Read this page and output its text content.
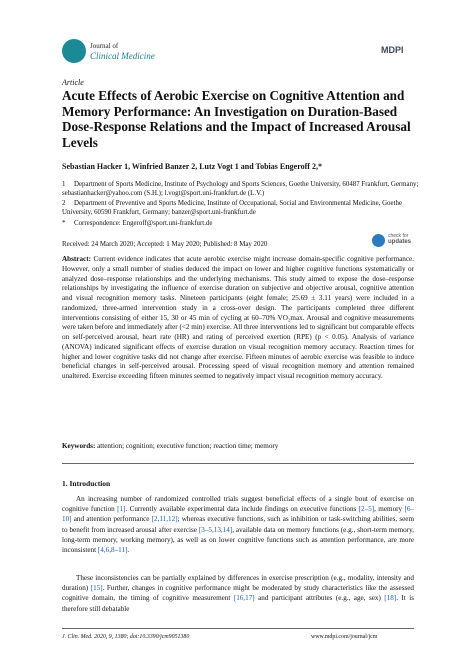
Journal of
Clinical Medicine
MDPI
Article
Acute Effects of Aerobic Exercise on Cognitive Attention and Memory Performance: An Investigation on Duration-Based Dose-Response Relations and the Impact of Increased Arousal Levels
Sebastian Hacker 1, Winfried Banzer 2, Lutz Vogt 1 and Tobias Engeroff 2,*
1 Department of Sports Medicine, Institute of Psychology and Sports Sciences, Goethe University, 60487 Frankfurt, Germany; sebastianhacker@yahoo.com (S.H.); l.vogt@sport.uni-frankfurt.de (L.V.)
2 Department of Preventive and Sports Medicine, Institute of Occupational, Social and Environmental Medicine, Goethe University, 60590 Frankfurt, Germany; banzer@sport.uni-frankfurt.de
* Correspondence: Engeroff@sport.uni-frankfurt.de
Received: 24 March 2020; Accepted: 1 May 2020; Published: 8 May 2020
check for
updates
Abstract: Current evidence indicates that acute aerobic exercise might increase domain-specific cognitive performance. However, only a small number of studies deduced the impact on lower and higher cognitive functions systematically or analyzed dose–response relationships and the underlying mechanisms. This study aimed to expose the dose–response relationships by investigating the influence of exercise duration on subjective and objective arousal, cognitive attention and visual recognition memory tasks. Nineteen participants (eight female; 25.69 ± 3.11 years) were included in a randomized, three-armed intervention study in a cross-over design. The participants completed three different interventions consisting of either 15, 30 or 45 min of cycling at 60–70% VO₂max. Arousal and cognitive measurements were taken before and immediately after (<2 min) exercise. All three interventions led to significant but comparable effects on self-perceived arousal, heart rate (HR) and rating of perceived exertion (RPE) (p < 0.05). Analysis of variance (ANOVA) indicated significant effects of exercise duration on visual recognition memory accuracy. Reaction times for higher and lower cognitive tasks did not change after exercise. Fifteen minutes of aerobic exercise was feasible to induce beneficial changes in self-perceived arousal. Processing speed of visual recognition memory and attention remained unaltered. Exercise exceeding fifteen minutes seemed to negatively impact visual recognition memory accuracy.
Keywords: attention; cognition; executive function; reaction time; memory
1. Introduction
An increasing number of randomized controlled trials suggest beneficial effects of a single bout of exercise on cognitive function [1]. Currently available experimental data include findings on executive functions [2–5], memory [6–10] and attention performance [2,11,12]; whereas executive functions, such as inhibition or task-switching abilities, seem to benefit from increased arousal after exercise [3–5,13,14], available data on memory functions (e.g., short-term memory, long-term memory, working memory), as well as on lower cognitive functions such as attention performance, are more inconsistent [4,6,8–11].
These inconsistencies can be partially explained by differences in exercise prescription (e.g., modality, intensity and duration) [15]. Further, changes in cognitive performance might be moderated by study characteristics like the assessed cognitive domain, the timing of cognitive measurement [16,17] and participant attributes (e.g., age, sex) [18]. It is therefore still debatable
J. Clin. Med. 2020, 9, 1380; doi:10.3390/jcm9051380	www.mdpi.com/journal/jcm
